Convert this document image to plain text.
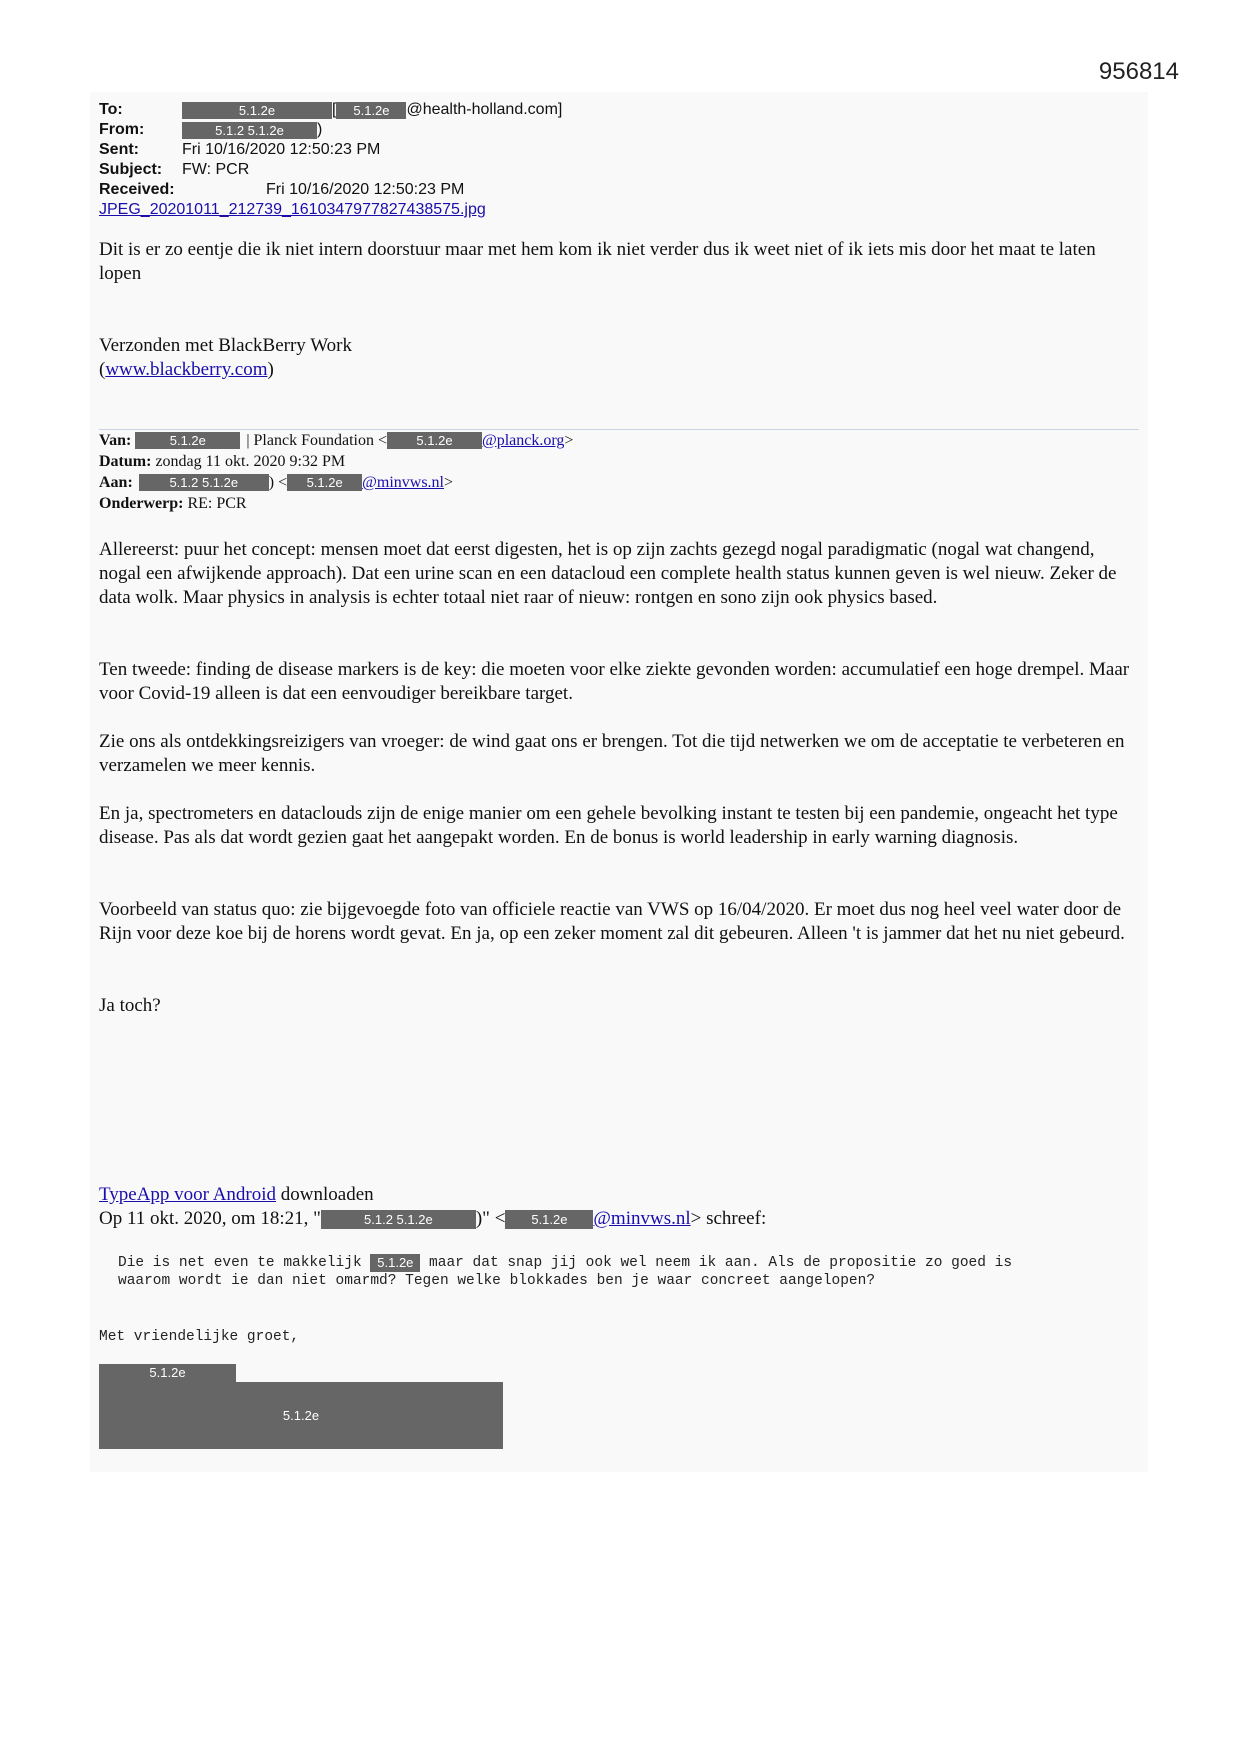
956814
To:	5.1.2e	[	5.1.2e	@health-holland.com]
From:	5.1.2 5.1.2e	)
Sent:	Fri 10/16/2020 12:50:23 PM
Subject:	FW: PCR
Received:	Fri 10/16/2020 12:50:23 PM
JPEG_20201011_212739_1610347977827438575.jpg

Dit is er zo eentje die ik niet intern doorstuur maar met hem kom ik niet verder dus ik weet niet of ik iets mis door het maat te laten lopen

Verzonden met BlackBerry Work
(www.blackberry.com)
Van:	5.1.2e	| Planck Foundation <	5.1.2e	@planck.org >
Datum: zondag 11 okt. 2020 9:32 PM
Aan:	5.1.2 5.1.2e	) <	5.1.2e	@minvws.nl >
Onderwerp: RE: PCR

Allereerst: puur het concept: mensen moet dat eerst digesten, het is op zijn zachts gezegd nogal paradigmatic (nogal wat changend, nogal een afwijkende approach). Dat een urine scan en een datacloud een complete health status kunnen geven is wel nieuw. Zeker de data wolk. Maar physics in analysis is echter totaal niet raar of nieuw: rontgen en sono zijn ook physics based.

Ten tweede: finding de disease markers is de key: die moeten voor elke ziekte gevonden worden: accumulatief een hoge drempel. Maar voor Covid-19 alleen is dat een eenvoudiger bereikbare target.

Zie ons als ontdekkingsreizigers van vroeger: de wind gaat ons er brengen. Tot die tijd netwerken we om de acceptatie te verbeteren en verzamelen we meer kennis.

En ja, spectrometers en dataclouds zijn de enige manier om een gehele bevolking instant te testen bij een pandemie, ongeacht het type disease. Pas als dat wordt gezien gaat het aangepakt worden. En de bonus is world leadership in early warning diagnosis.

Voorbeeld van status quo: zie bijgevoegde foto van officiele reactie van VWS op 16/04/2020. Er moet dus nog heel veel water door de Rijn voor deze koe bij de horens wordt gevat. En ja, op een zeker moment zal dit gebeuren. Alleen 't is jammer dat het nu niet gebeurd.

Ja toch?

TypeApp voor Android downloaden
Op 11 okt. 2020, om 18:21, "	5.1.2 5.1.2e	)" <	5.1.2e	@minvws.nl > schreef:
Die is net even te makkelijk 5.1.2e maar dat snap jij ook wel neem ik aan. Als de propositie zo goed is
waarom wordt ie dan niet omarmd? Tegen welke blokkades ben je waar concreet aangelopen?
Met vriendelijke groet,
5.1.2e
5.1.2e
